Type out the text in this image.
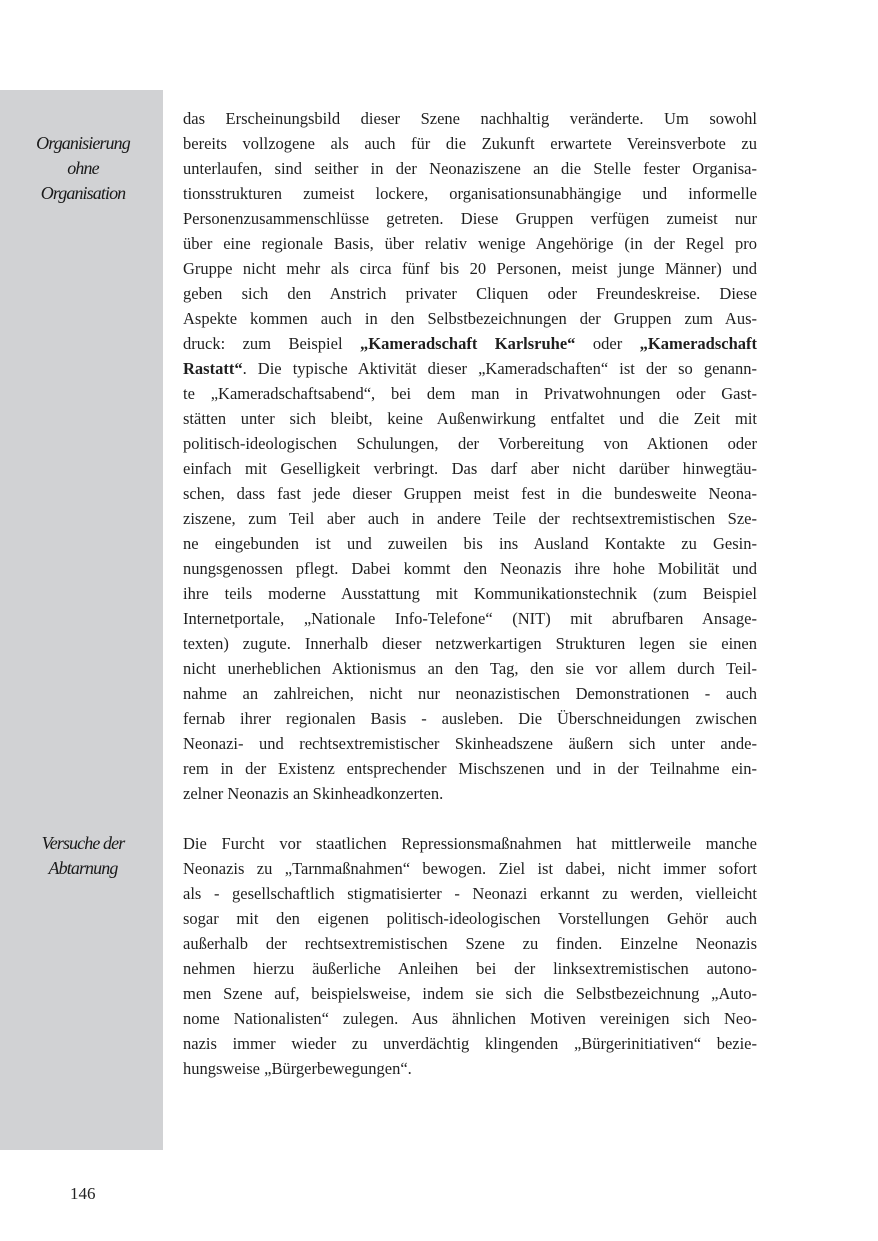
Organisierung
ohne
Organisation
Versuche der
Abtarnung
das Erscheinungsbild dieser Szene nachhaltig veränderte. Um sowohl
bereits vollzogene als auch für die Zukunft erwartete Vereinsverbote zu
unterlaufen, sind seither in der Neonaziszene an die Stelle fester Organisa-
tionsstrukturen zumeist lockere, organisationsunabhängige und informelle
Personenzusammenschlüsse getreten. Diese Gruppen verfügen zumeist nur
über eine regionale Basis, über relativ wenige Angehörige (in der Regel pro
Gruppe nicht mehr als circa fünf bis 20 Personen, meist junge Männer) und
geben sich den Anstrich privater Cliquen oder Freundeskreise. Diese
Aspekte kommen auch in den Selbstbezeichnungen der Gruppen zum Aus-
druck: zum Beispiel „Kameradschaft Karlsruhe“ oder „Kameradschaft
Rastatt“. Die typische Aktivität dieser „Kameradschaften“ ist der so genann-
te „Kameradschaftsabend“, bei dem man in Privatwohnungen oder Gast-
stätten unter sich bleibt, keine Außenwirkung entfaltet und die Zeit mit
politisch-ideologischen Schulungen, der Vorbereitung von Aktionen oder
einfach mit Geselligkeit verbringt. Das darf aber nicht darüber hinwegtäu-
schen, dass fast jede dieser Gruppen meist fest in die bundesweite Neona-
ziszene, zum Teil aber auch in andere Teile der rechtsextremistischen Sze-
ne eingebunden ist und zuweilen bis ins Ausland Kontakte zu Gesin-
nungsgenossen pflegt. Dabei kommt den Neonazis ihre hohe Mobilität und
ihre teils moderne Ausstattung mit Kommunikationstechnik (zum Beispiel
Internetportale, „Nationale Info-Telefone“ (NIT) mit abrufbaren Ansage-
texten) zugute. Innerhalb dieser netzwerkartigen Strukturen legen sie einen
nicht unerheblichen Aktionismus an den Tag, den sie vor allem durch Teil-
nahme an zahlreichen, nicht nur neonazistischen Demonstrationen - auch
fernab ihrer regionalen Basis - ausleben. Die Überschneidungen zwischen
Neonazi- und rechtsextremistischer Skinheadszene äußern sich unter ande-
rem in der Existenz entsprechender Mischszenen und in der Teilnahme ein-
zelner Neonazis an Skinheadkonzerten.
Die Furcht vor staatlichen Repressionsmaßnahmen hat mittlerweile manche
Neonazis zu „Tarnmaßnahmen“ bewogen. Ziel ist dabei, nicht immer sofort
als - gesellschaftlich stigmatisierter - Neonazi erkannt zu werden, vielleicht
sogar mit den eigenen politisch-ideologischen Vorstellungen Gehör auch
außerhalb der rechtsextremistischen Szene zu finden. Einzelne Neonazis
nehmen hierzu äußerliche Anleihen bei der linksextremistischen autono-
men Szene auf, beispielsweise, indem sie sich die Selbstbezeichnung „Auto-
nome Nationalisten“ zulegen. Aus ähnlichen Motiven vereinigen sich Neo-
nazis immer wieder zu unverdächtig klingenden „Bürgerinitiativen“ bezie-
hungsweise „Bürgerbewegungen“.
146
